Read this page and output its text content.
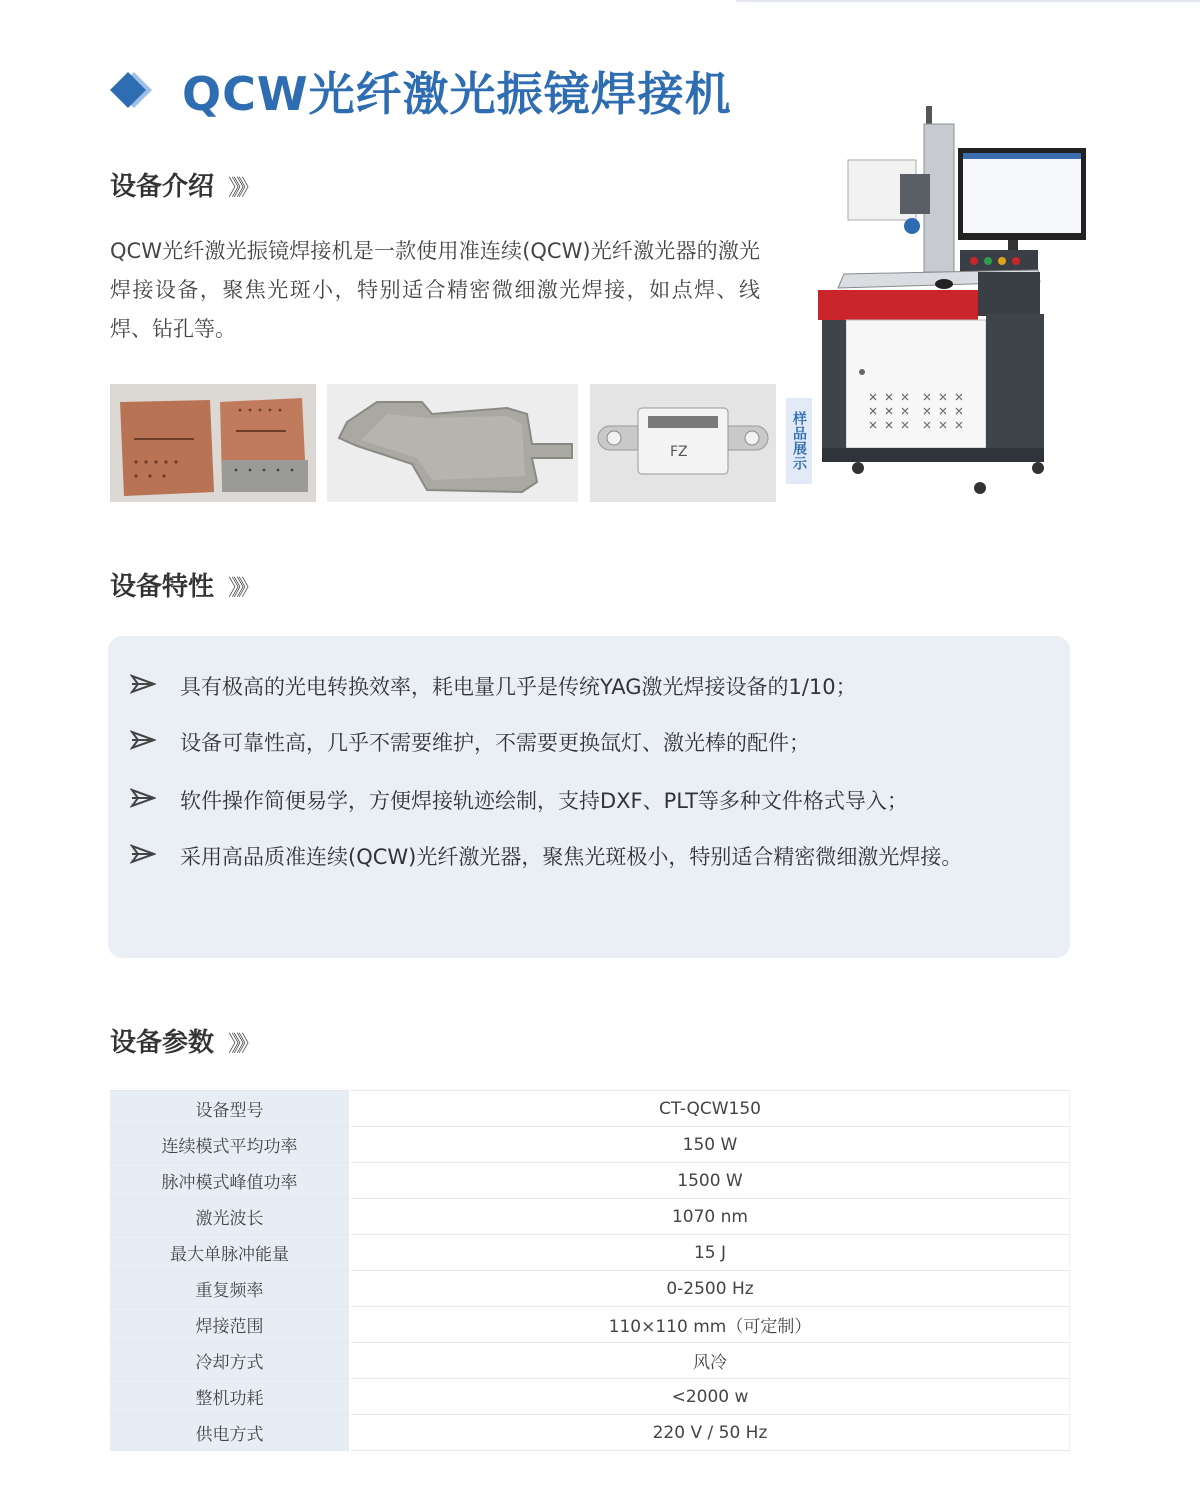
QCW光纤激光振镜焊接机
设备介绍 》》》
QCW光纤激光振镜焊接机是一款使用准连续(QCW)光纤激光器的激光焊接设备，聚焦光斑小，特别适合精密微细激光焊接，如点焊、线焊、钻孔等。
FZ	样品展示
设备特性 》》》
具有极高的光电转换效率，耗电量几乎是传统YAG激光焊接设备的1/10；
设备可靠性高，几乎不需要维护，不需要更换氙灯、激光棒的配件；
软件操作简便易学，方便焊接轨迹绘制，支持DXF、PLT等多种文件格式导入；
采用高品质准连续(QCW)光纤激光器，聚焦光斑极小，特别适合精密微细激光焊接。
设备参数 》》》
设备型号	CT-QCW150
连续模式平均功率	150 W
脉冲模式峰值功率	1500 W
激光波长	1070 nm
最大单脉冲能量	15 J
重复频率	0-2500 Hz
焊接范围	110×110 mm（可定制）
冷却方式	风冷
整机功耗	<2000 w
供电方式	220 V / 50 Hz
